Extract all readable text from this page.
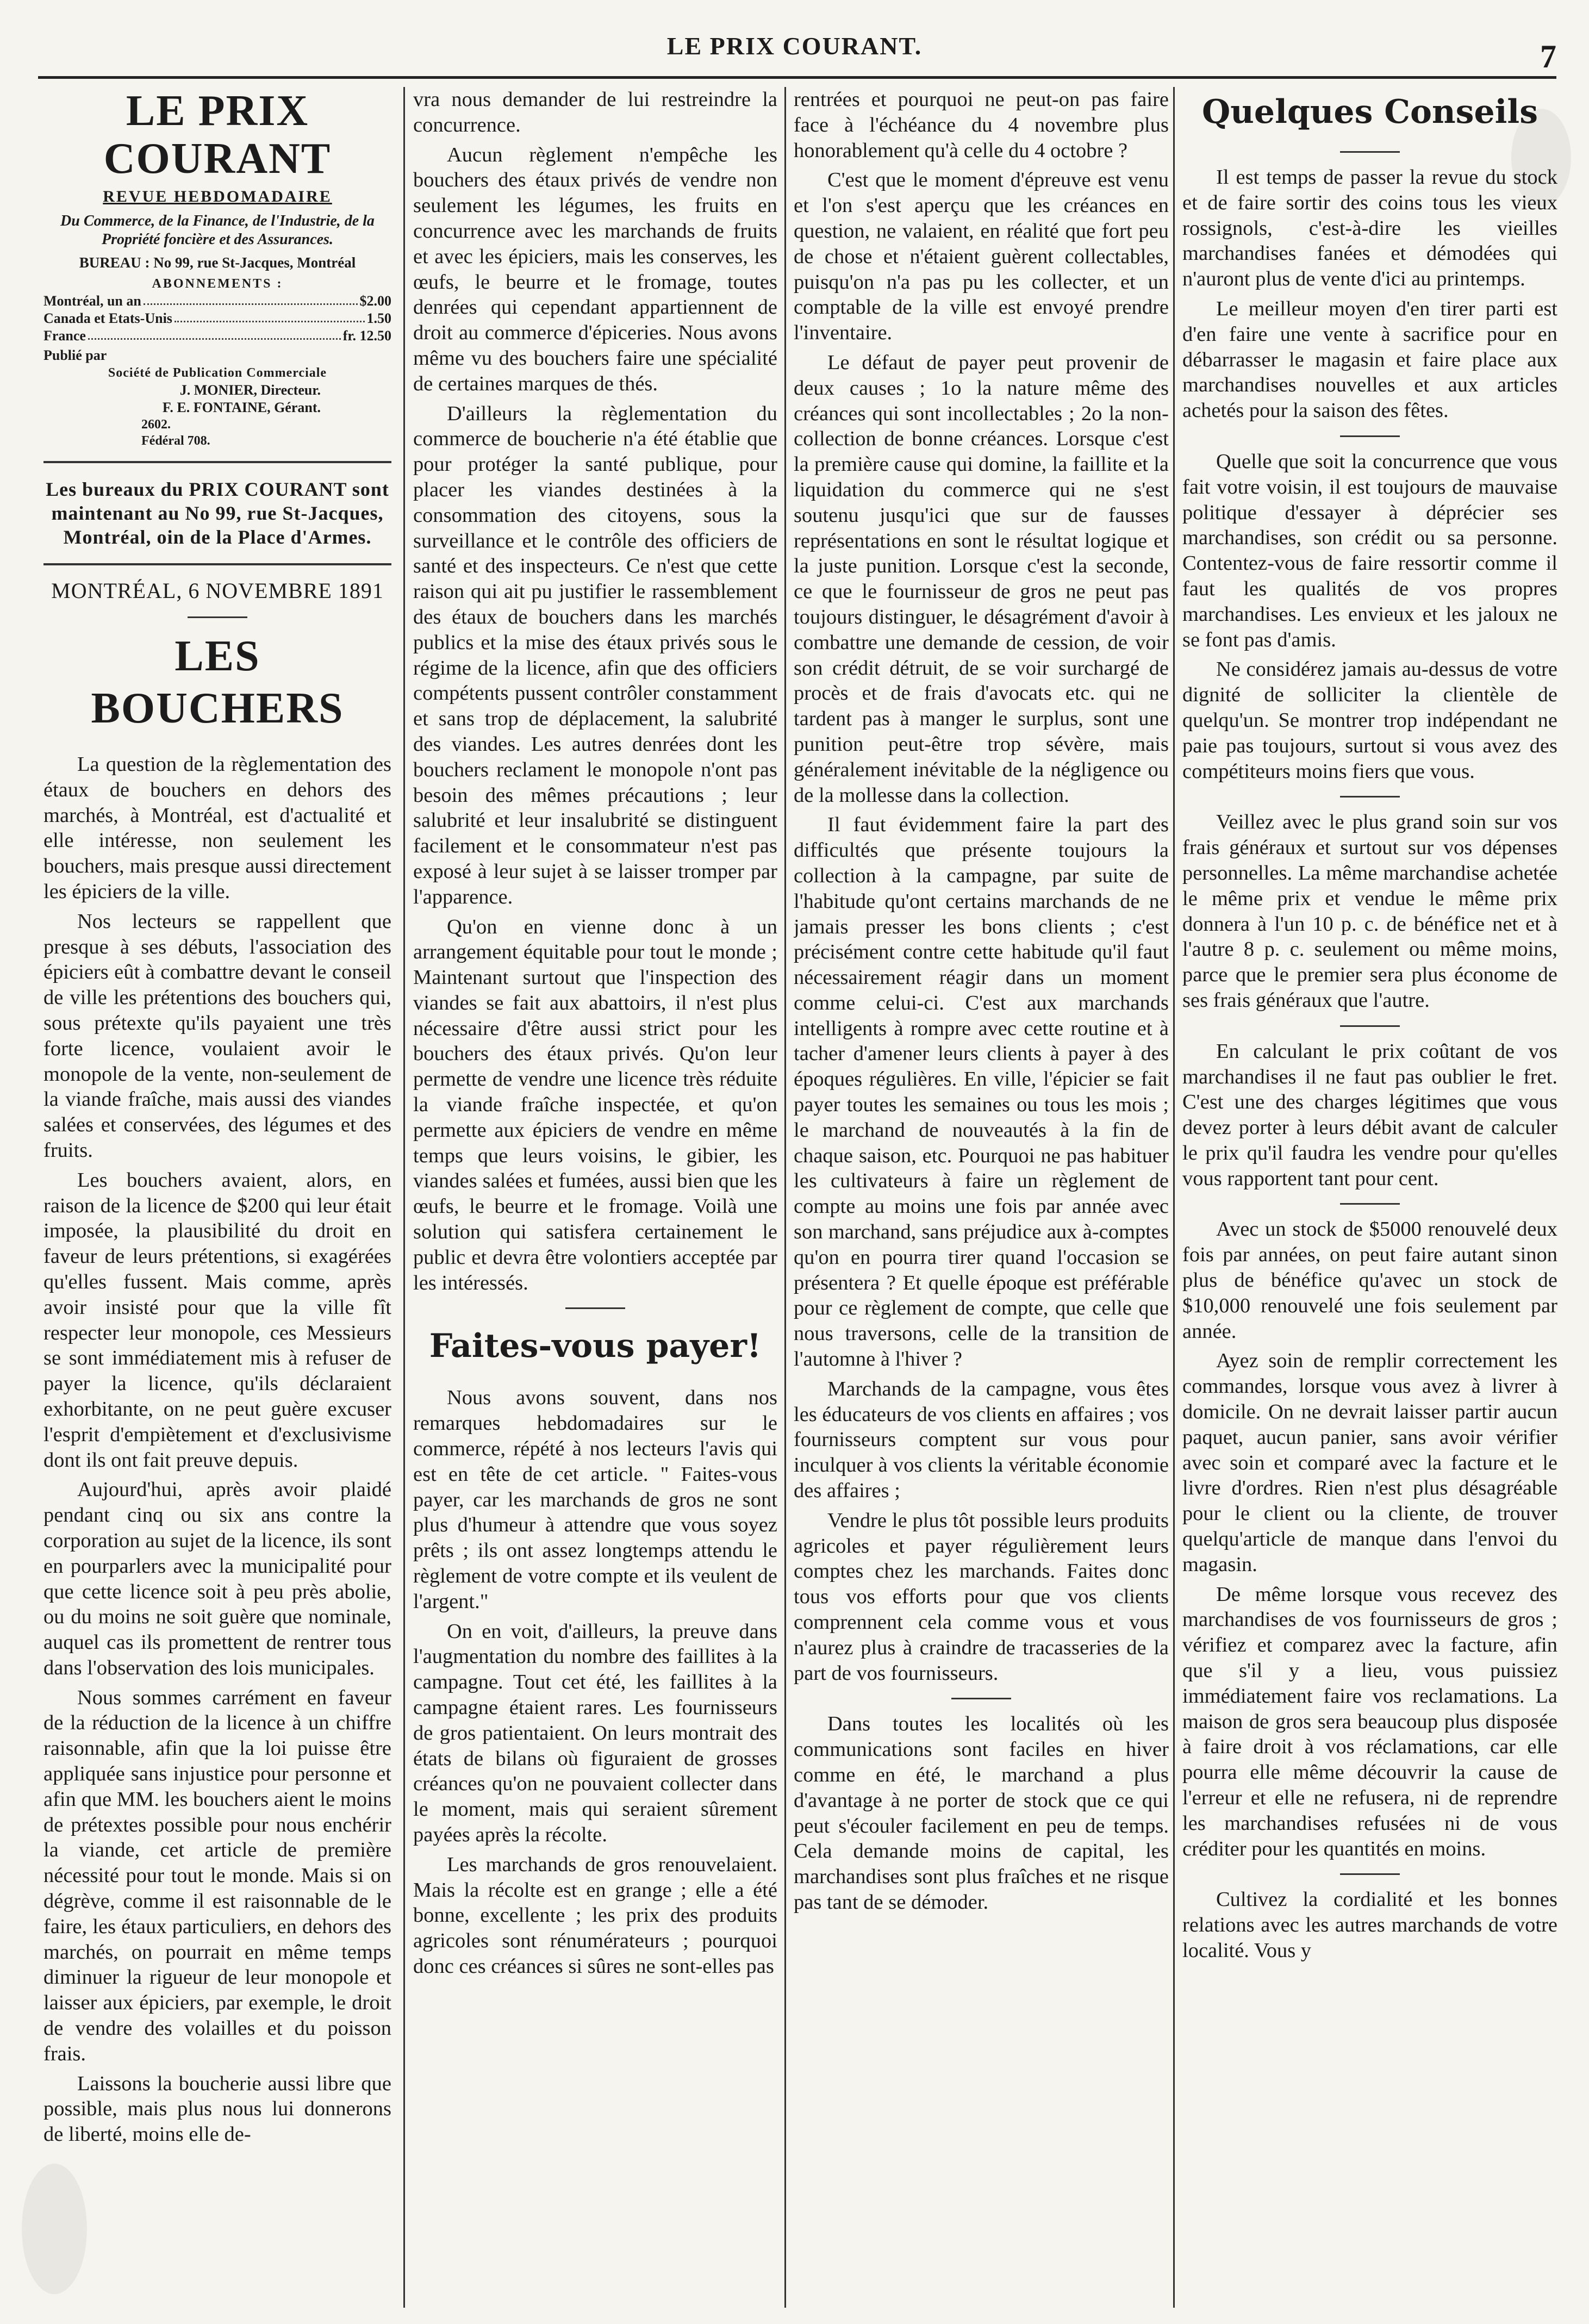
LE PRIX COURANT.	7
LE PRIX COURANT
REVUE HEBDOMADAIRE
Du Commerce, de la Finance, de l'Industrie, de la Propriété foncière et des Assurances.
BUREAU : No 99, rue St-Jacques, Montréal
ABONNEMENTS :
Montréal, un an	$2.00
Canada et Etats-Unis	1.50
France	fr. 12.50
Publié par
Société de Publication Commerciale
J. MONIER, Directeur.
F. E. FONTAINE, Gérant.
2602.
Fédéral 708.
Les bureaux du PRIX COURANT sont maintenant au No 99, rue St-Jacques, Montréal, oin de la Place d'Armes.
MONTRÉAL, 6 NOVEMBRE 1891
LES BOUCHERS

La question de la règlementation des étaux de bouchers en dehors des marchés, à Montréal, est d'actualité et elle intéresse, non seulement les bouchers, mais presque aussi directement les épiciers de la ville.

Nos lecteurs se rappellent que presque à ses débuts, l'association des épiciers eût à combattre devant le conseil de ville les prétentions des bouchers qui, sous prétexte qu'ils payaient une très forte licence, voulaient avoir le monopole de la vente, non-seulement de la viande fraîche, mais aussi des viandes salées et conservées, des légumes et des fruits.

Les bouchers avaient, alors, en raison de la licence de $200 qui leur était imposée, la plausibilité du droit en faveur de leurs prétentions, si exagérées qu'elles fussent. Mais comme, après avoir insisté pour que la ville fît respecter leur monopole, ces Messieurs se sont immédiatement mis à refuser de payer la licence, qu'ils déclaraient exhorbitante, on ne peut guère excuser l'esprit d'empiètement et d'exclusivisme dont ils ont fait preuve depuis.

Aujourd'hui, après avoir plaidé pendant cinq ou six ans contre la corporation au sujet de la licence, ils sont en pourparlers avec la municipalité pour que cette licence soit à peu près abolie, ou du moins ne soit guère que nominale, auquel cas ils promettent de rentrer tous dans l'observation des lois municipales.

Nous sommes carrément en faveur de la réduction de la licence à un chiffre raisonnable, afin que la loi puisse être appliquée sans injustice pour personne et afin que MM. les bouchers aient le moins de prétextes possible pour nous enchérir la viande, cet article de première nécessité pour tout le monde. Mais si on dégrève, comme il est raisonnable de le faire, les étaux particuliers, en dehors des marchés, on pourrait en même temps diminuer la rigueur de leur monopole et laisser aux épiciers, par exemple, le droit de vendre des volailles et du poisson frais.

Laissons la boucherie aussi libre que possible, mais plus nous lui donnerons de liberté, moins elle de-

vra nous demander de lui restreindre la concurrence.

Aucun règlement n'empêche les bouchers des étaux privés de vendre non seulement les légumes, les fruits en concurrence avec les marchands de fruits et avec les épiciers, mais les conserves, les œufs, le beurre et le fromage, toutes denrées qui cependant appartiennent de droit au commerce d'épiceries. Nous avons même vu des bouchers faire une spécialité de certaines marques de thés.

D'ailleurs la règlementation du commerce de boucherie n'a été établie que pour protéger la santé publique, pour placer les viandes destinées à la consommation des citoyens, sous la surveillance et le contrôle des officiers de santé et des inspecteurs. Ce n'est que cette raison qui ait pu justifier le rassemblement des étaux de bouchers dans les marchés publics et la mise des étaux privés sous le régime de la licence, afin que des officiers compétents pussent contrôler constamment et sans trop de déplacement, la salubrité des viandes. Les autres denrées dont les bouchers reclament le monopole n'ont pas besoin des mêmes précautions ; leur salubrité et leur insalubrité se distinguent facilement et le consommateur n'est pas exposé à leur sujet à se laisser tromper par l'apparence.

Qu'on en vienne donc à un arrangement équitable pour tout le monde ; Maintenant surtout que l'inspection des viandes se fait aux abattoirs, il n'est plus nécessaire d'être aussi strict pour les bouchers des étaux privés. Qu'on leur permette de vendre une licence très réduite la viande fraîche inspectée, et qu'on permette aux épiciers de vendre en même temps que leurs voisins, le gibier, les viandes salées et fumées, aussi bien que les œufs, le beurre et le fromage. Voilà une solution qui satisfera certainement le public et devra être volontiers acceptée par les intéressés.

Faites-vous payer!

Nous avons souvent, dans nos remarques hebdomadaires sur le commerce, répété à nos lecteurs l'avis qui est en tête de cet article. " Faites-vous payer, car les marchands de gros ne sont plus d'humeur à attendre que vous soyez prêts ; ils ont assez longtemps attendu le règlement de votre compte et ils veulent de l'argent."

On en voit, d'ailleurs, la preuve dans l'augmentation du nombre des faillites à la campagne. Tout cet été, les faillites à la campagne étaient rares. Les fournisseurs de gros patientaient. On leurs montrait des états de bilans où figuraient de grosses créances qu'on ne pouvaient collecter dans le moment, mais qui seraient sûrement payées après la récolte.

Les marchands de gros renouvelaient. Mais la récolte est en grange ; elle a été bonne, excellente ; les prix des produits agricoles sont rénumérateurs ; pourquoi donc ces créances si sûres ne sont-elles pas

rentrées et pourquoi ne peut-on pas faire face à l'échéance du 4 novembre plus honorablement qu'à celle du 4 octobre ?

C'est que le moment d'épreuve est venu et l'on s'est aperçu que les créances en question, ne valaient, en réalité que fort peu de chose et n'étaient guèrent collectables, puisqu'on n'a pas pu les collecter, et un comptable de la ville est envoyé prendre l'inventaire.

Le défaut de payer peut provenir de deux causes ; 1o la nature même des créances qui sont incollectables ; 2o la non-collection de bonne créances. Lorsque c'est la première cause qui domine, la faillite et la liquidation du commerce qui ne s'est soutenu jusqu'ici que sur de fausses représentations en sont le résultat logique et la juste punition. Lorsque c'est la seconde, ce que le fournisseur de gros ne peut pas toujours distinguer, le désagrément d'avoir à combattre une demande de cession, de voir son crédit détruit, de se voir surchargé de procès et de frais d'avocats etc. qui ne tardent pas à manger le surplus, sont une punition peut-être trop sévère, mais généralement inévitable de la négligence ou de la mollesse dans la collection.

Il faut évidemment faire la part des difficultés que présente toujours la collection à la campagne, par suite de l'habitude qu'ont certains marchands de ne jamais presser les bons clients ; c'est précisément contre cette habitude qu'il faut nécessairement réagir dans un moment comme celui-ci. C'est aux marchands intelligents à rompre avec cette routine et à tacher d'amener leurs clients à payer à des époques régulières. En ville, l'épicier se fait payer toutes les semaines ou tous les mois ; le marchand de nouveautés à la fin de chaque saison, etc. Pourquoi ne pas habituer les cultivateurs à faire un règlement de compte au moins une fois par année avec son marchand, sans préjudice aux à-comptes qu'on en pourra tirer quand l'occasion se présentera ? Et quelle époque est préférable pour ce règlement de compte, que celle que nous traversons, celle de la transition de l'automne à l'hiver ?

Marchands de la campagne, vous êtes les éducateurs de vos clients en affaires ; vos fournisseurs comptent sur vous pour inculquer à vos clients la véritable économie des affaires ;

Vendre le plus tôt possible leurs produits agricoles et payer régulièrement leurs comptes chez les marchands. Faites donc tous vos efforts pour que vos clients comprennent cela comme vous et vous n'aurez plus à craindre de tracasseries de la part de vos fournisseurs.

Dans toutes les localités où les communications sont faciles en hiver comme en été, le marchand a plus d'avantage à ne porter de stock que ce qui peut s'écouler facilement en peu de temps. Cela demande moins de capital, les marchandises sont plus fraîches et ne risque pas tant de se démoder.

Quelques Conseils

Il est temps de passer la revue du stock et de faire sortir des coins tous les vieux rossignols, c'est-à-dire les vieilles marchandises fanées et démodées qui n'auront plus de vente d'ici au printemps.

Le meilleur moyen d'en tirer parti est d'en faire une vente à sacrifice pour en débarrasser le magasin et faire place aux marchandises nouvelles et aux articles achetés pour la saison des fêtes.

Quelle que soit la concurrence que vous fait votre voisin, il est toujours de mauvaise politique d'essayer à déprécier ses marchandises, son crédit ou sa personne. Contentez-vous de faire ressortir comme il faut les qualités de vos propres marchandises. Les envieux et les jaloux ne se font pas d'amis.

Ne considérez jamais au-dessus de votre dignité de solliciter la clientèle de quelqu'un. Se montrer trop indépendant ne paie pas toujours, surtout si vous avez des compétiteurs moins fiers que vous.

Veillez avec le plus grand soin sur vos frais généraux et surtout sur vos dépenses personnelles. La même marchandise achetée le même prix et vendue le même prix donnera à l'un 10 p. c. de bénéfice net et à l'autre 8 p. c. seulement ou même moins, parce que le premier sera plus économe de ses frais généraux que l'autre.

En calculant le prix coûtant de vos marchandises il ne faut pas oublier le fret. C'est une des charges légitimes que vous devez porter à leurs débit avant de calculer le prix qu'il faudra les vendre pour qu'elles vous rapportent tant pour cent.

Avec un stock de $5000 renouvelé deux fois par années, on peut faire autant sinon plus de bénéfice qu'avec un stock de $10,000 renouvelé une fois seulement par année.

Ayez soin de remplir correctement les commandes, lorsque vous avez à livrer à domicile. On ne devrait laisser partir aucun paquet, aucun panier, sans avoir vérifier avec soin et comparé avec la facture et le livre d'ordres. Rien n'est plus désagréable pour le client ou la cliente, de trouver quelqu'article de manque dans l'envoi du magasin.

De même lorsque vous recevez des marchandises de vos fournisseurs de gros ; vérifiez et comparez avec la facture, afin que s'il y a lieu, vous puissiez immédiatement faire vos reclamations. La maison de gros sera beaucoup plus disposée à faire droit à vos réclamations, car elle pourra elle même découvrir la cause de l'erreur et elle ne refusera, ni de reprendre les marchandises refusées ni de vous créditer pour les quantités en moins.

Cultivez la cordialité et les bonnes relations avec les autres marchands de votre localité. Vous y
